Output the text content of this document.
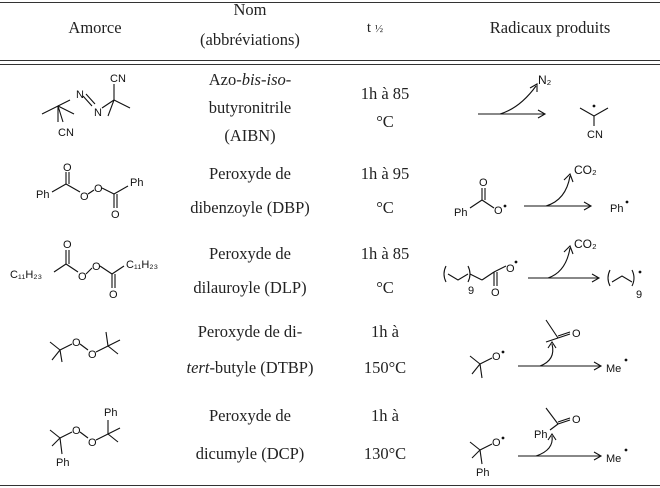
Amorce
Nom
(abbréviations)
t ½	Radicaux produits
Azo-bis-iso-
butyronitrile
(AIBN)
1h à 85
°C
N
N
CN
CN
N₂
CN
Peroxyde de
dibenzoyle (DBP)
1h à 95
°C
Ph
O
O
O
O
Ph
Ph
O
O
CO₂
Ph
Peroxyde de
dilauroyle (DLP)
1h à 85
°C
C₁₁H₂₃
O
O
O
O
C₁₁H₂₃
9 O
O
CO₂
9
Peroxyde de di-
tert-butyle (DTBP)
1h à
150°C
O
O	O
O
Me
Peroxyde de
dicumyle (DCP)
1h à
130°C
Ph
O
O
Ph
Ph
O
O
Ph
Me
